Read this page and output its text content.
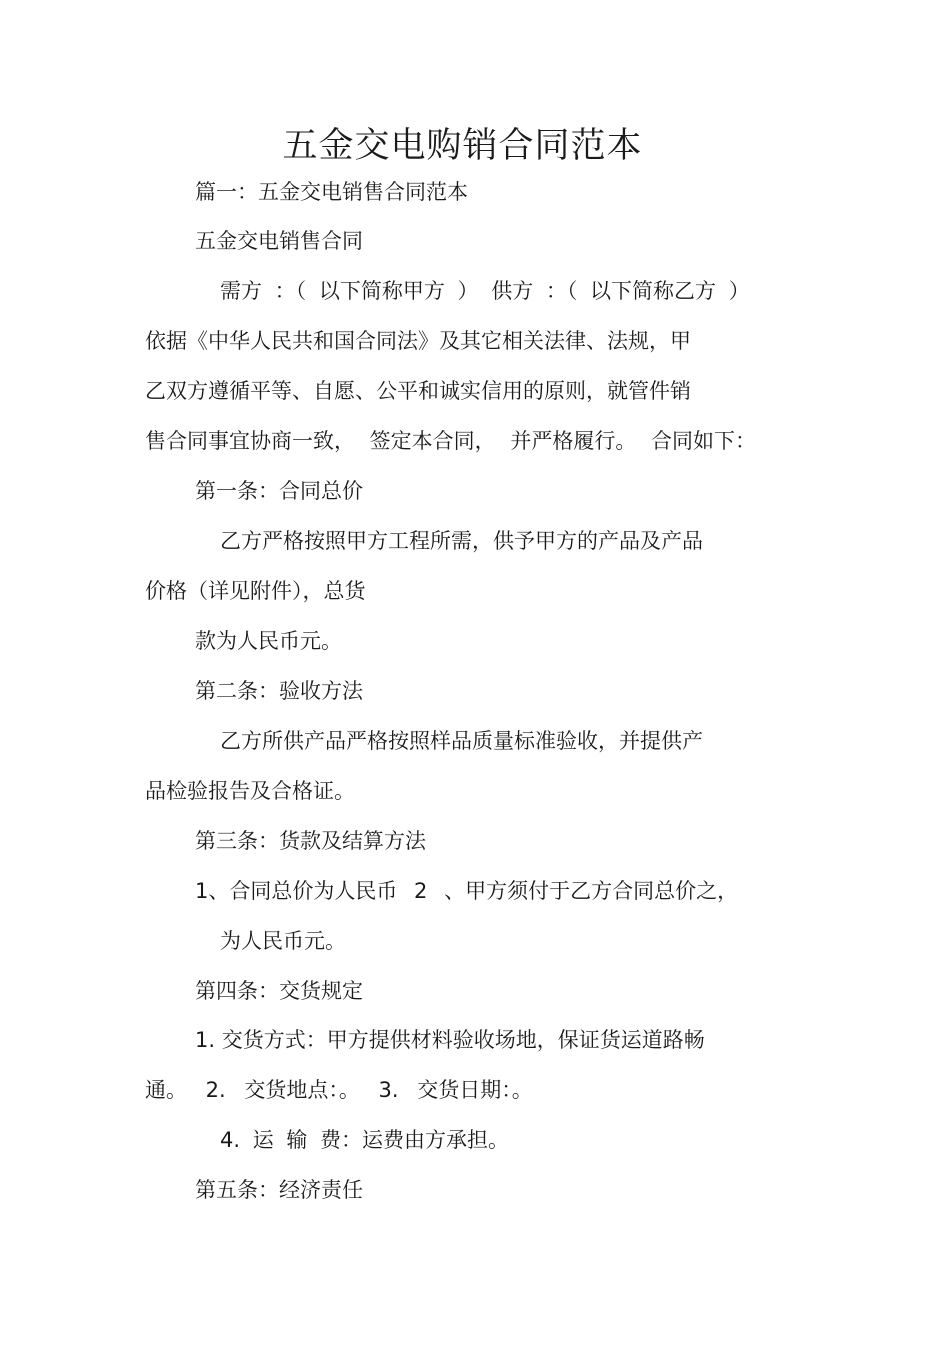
五金交电购销合同范本

篇一：五金交电销售合同范本

五金交电销售合同

需方 ：（ 以下简称甲方 ） 供方 ：（ 以下简称乙方 ）

依据《中华人民共和国合同法》及其它相关法律、法规，甲

乙双方遵循平等、自愿、公平和诚实信用的原则，就管件销

售合同事宜协商一致， 签定本合同， 并严格履行。 合同如下：

第一条：合同总价

乙方严格按照甲方工程所需，供予甲方的产品及产品

价格（详见附件），总货

款为人民币元。

第二条：验收方法

乙方所供产品严格按照样品质量标准验收，并提供产

品检验报告及合格证。

第三条：货款及结算方法

1、合同总价为人民币 2 、甲方须付于乙方合同总价之，

为人民币元。

第四条：交货规定

1. 交货方式：甲方提供材料验收场地，保证货运道路畅

通。 2. 交货地点：。 3. 交货日期：。

4. 运 输 费：运费由方承担。

第五条：经济责任
